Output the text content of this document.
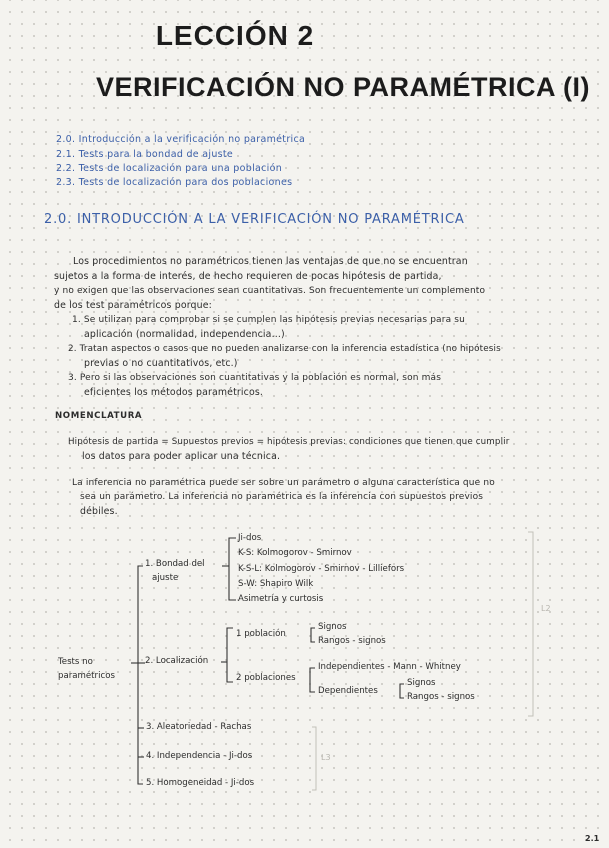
LECCIÓN 2
VERIFICACIÓN NO PARAMÉTRICA (I)
2.0. Introducción a la verificación no paramétrica
2.1. Tests para la bondad de ajuste
2.2. Tests de localización para una población
2.3. Tests de localización para dos poblaciones
2.0. INTRODUCCIÓN A LA VERIFICACIÓN NO PARAMÉTRICA
Los procedimientos no paramétricos tienen las ventajas de que no se encuentran
sujetos a la forma de interés, de hecho requieren de pocas hipótesis de partida,
y no exigen que las observaciones sean cuantitativas. Son frecuentemente un complemento
de los test paramétricos porque:
1. Se utilizan para comprobar si se cumplen las hipótesis previas necesarias para su
aplicación (normalidad, independencia...)
2. Tratan aspectos o casos que no pueden analizarse con la inferencia estadística (no hipótesis
previas o no cuantitativos, etc.)
3. Pero si las observaciones son cuantitativas y la población es normal, son más
eficientes los métodos paramétricos.
NOMENCLATURA
Hipótesis de partida = Supuestos previos = hipótesis previas: condiciones que tienen que cumplir
los datos para poder aplicar una técnica.
La inferencia no paramétrica puede ser sobre un parámetro o alguna característica que no
sea un parámetro. La inferencia no paramétrica es la inferencia con supuestos previos
débiles.
Tests no
paramétricos
1. Bondad del
ajuste
Ji-dos
K-S: Kolmogorov - Smirnov
K-S-L: Kolmogorov - Smirnov - Lilliefors
S-W: Shapiro Wilk
Asimetría y curtosis
2. Localización
1 población
Signos
Rangos - signos
2 poblaciones
Independientes - Mann - Whitney
Dependientes
Signos
Rangos - signos
3. Aleatoriedad - Rachas
4. Independencia - Ji-dos
5. Homogeneidad - Ji-dos
L2
L3
2.1
